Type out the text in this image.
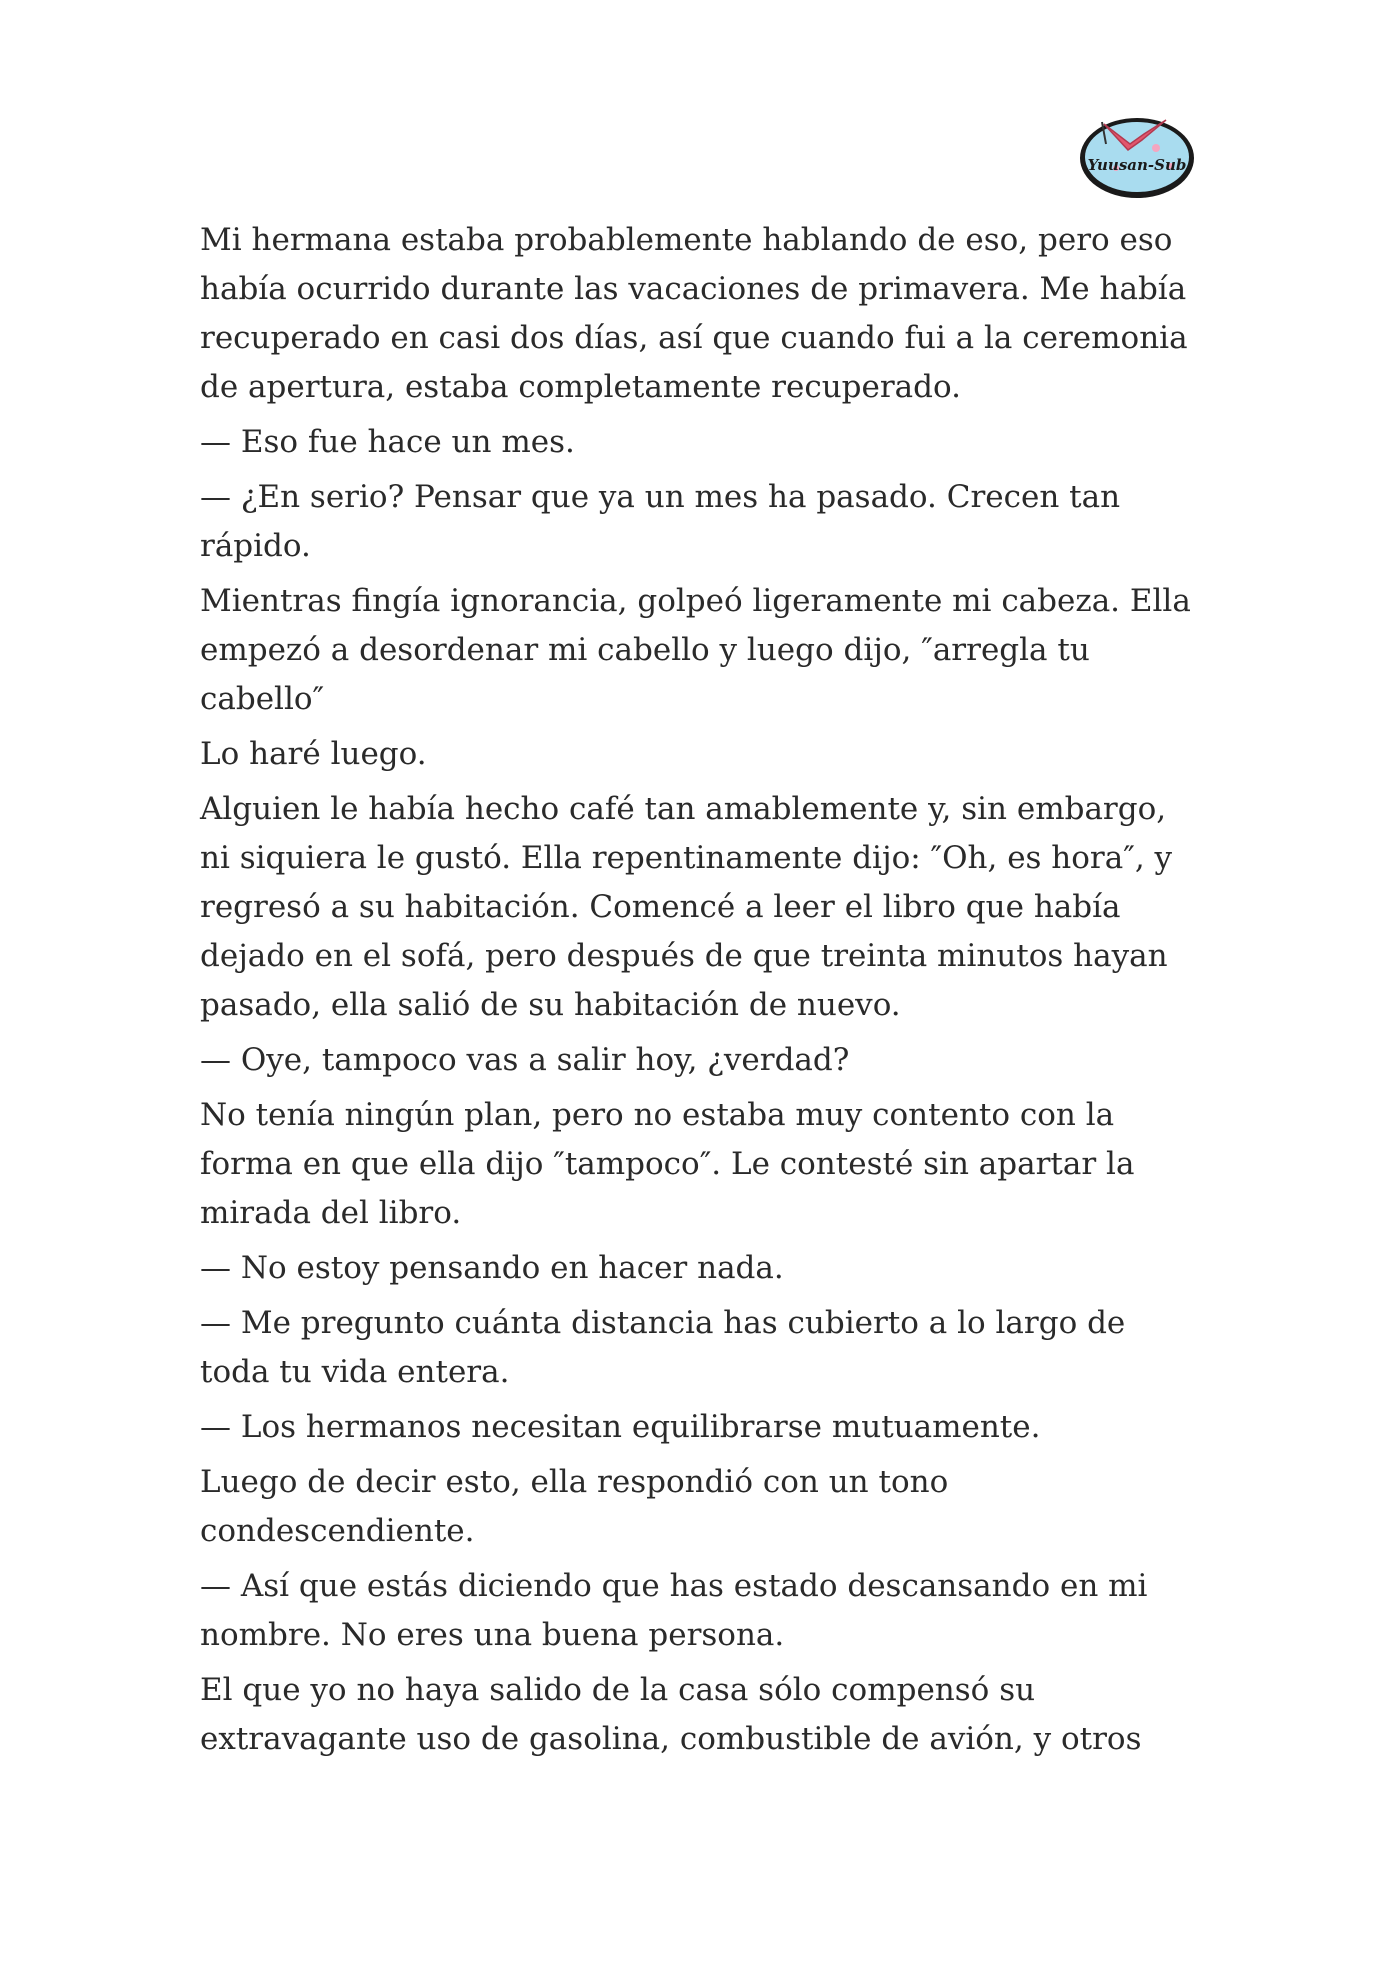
Yuusan-Sub

Mi hermana estaba probablemente hablando de eso, pero eso había ocurrido durante las vacaciones de primavera. Me había recuperado en casi dos días, así que cuando fui a la ceremonia de apertura, estaba completamente recuperado.

— Eso fue hace un mes.

— ¿En serio? Pensar que ya un mes ha pasado. Crecen tan rápido.

Mientras fingía ignorancia, golpeó ligeramente mi cabeza. Ella empezó a desordenar mi cabello y luego dijo, ″arregla tu cabello″

Lo haré luego.

Alguien le había hecho café tan amablemente y, sin embargo, ni siquiera le gustó. Ella repentinamente dijo: ″Oh, es hora″, y regresó a su habitación. Comencé a leer el libro que había dejado en el sofá, pero después de que treinta minutos hayan pasado, ella salió de su habitación de nuevo.

— Oye, tampoco vas a salir hoy, ¿verdad?

No tenía ningún plan, pero no estaba muy contento con la forma en que ella dijo ″tampoco″. Le contesté sin apartar la mirada del libro.

— No estoy pensando en hacer nada.

— Me pregunto cuánta distancia has cubierto a lo largo de toda tu vida entera.

— Los hermanos necesitan equilibrarse mutuamente.

Luego de decir esto, ella respondió con un tono condescendiente.

— Así que estás diciendo que has estado descansando en mi nombre. No eres una buena persona.

El que yo no haya salido de la casa sólo compensó su extravagante uso de gasolina, combustible de avión, y otros
